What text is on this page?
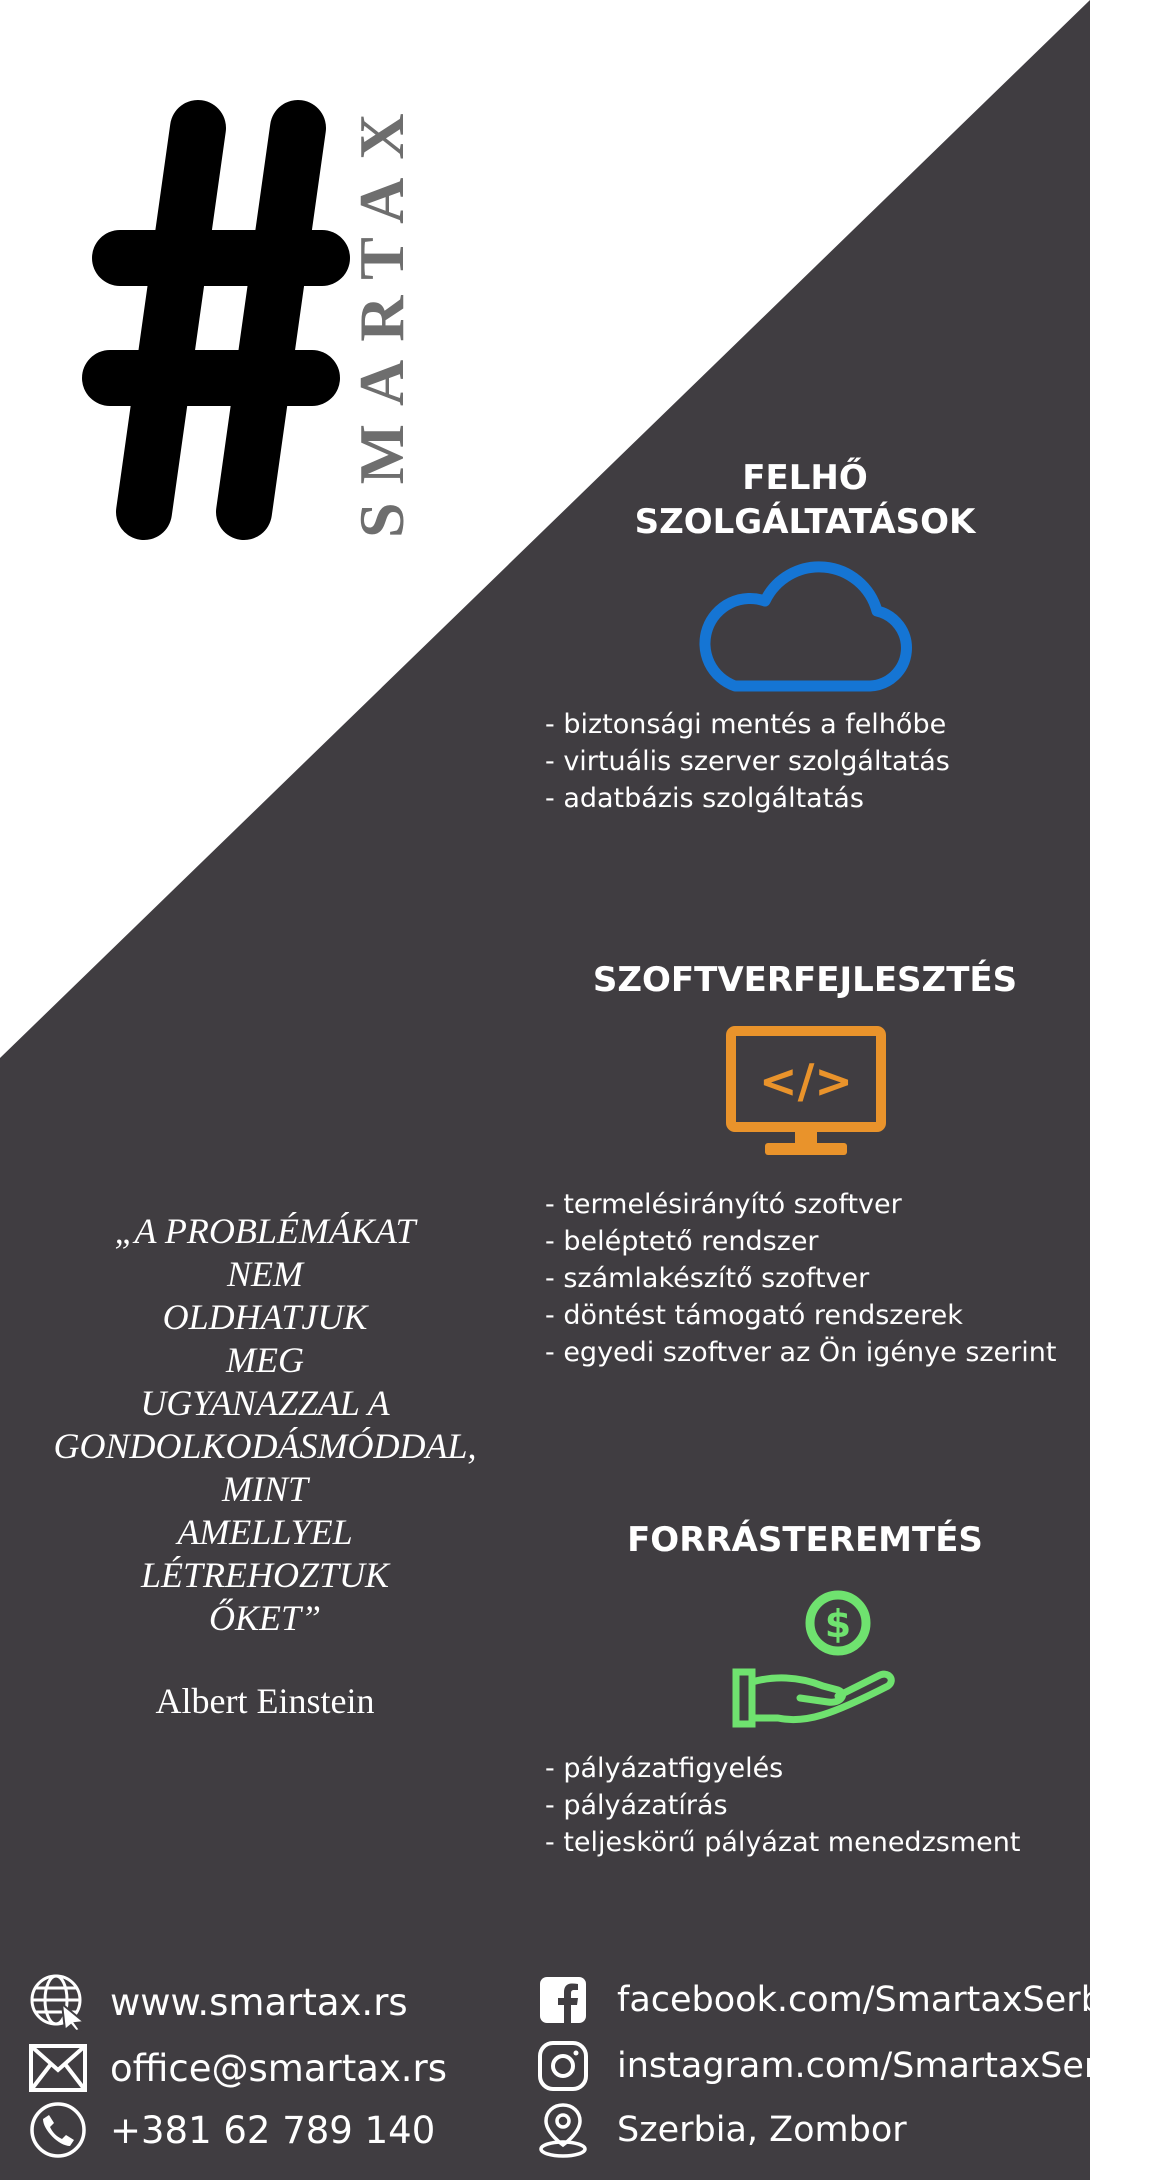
SMARTAX	FELHŐ
SZOLGÁLTATÁSOK
- biztonsági mentés a felhőbe
- virtuális szerver szolgáltatás
- adatbázis szolgáltatás
SZOFTVERFEJLESZTÉS
</>
- termelésirányító szoftver
- beléptető rendszer
- számlakészítő szoftver
- döntést támogató rendszerek
- egyedi szoftver az Ön igénye szerint
FORRÁSTEREMTÉS
$
- pályázatfigyelés
- pályázatírás
- teljeskörű pályázat menedzsment
„A PROBLÉMÁKAT
NEM
OLDHATJUK
MEG
UGYANAZZAL A
GONDOLKODÁSMÓDDAL,
MINT
AMELLYEL
LÉTREHOZTUK
ŐKET”
Albert Einstein
www.smartax.rs
office@smartax.rs
+381 62 789 140
facebook.com/SmartaxSerbia
instagram.com/SmartaxSerbia
Szerbia, Zombor
